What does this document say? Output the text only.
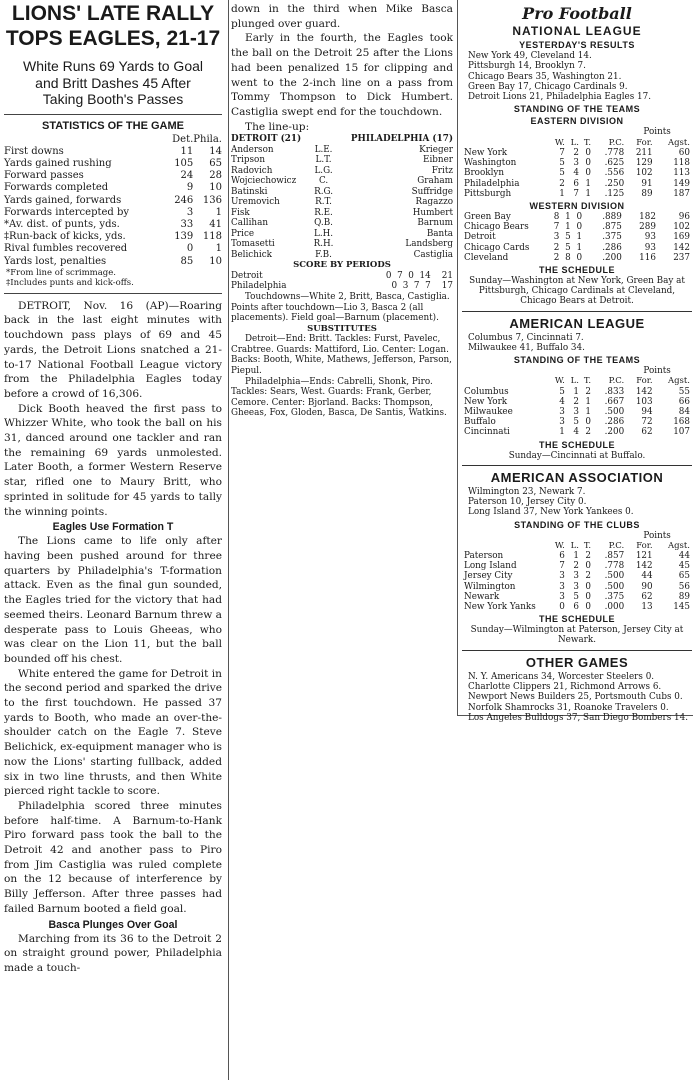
LIONS' LATE RALLY
TOPS EAGLES, 21-17
White Runs 69 Yards to Goal
and Britt Dashes 45 After
Taking Booth's Passes
STATISTICS OF THE GAME
	Det.	Phila.
First downs	11	14
Yards gained rushing	105	65
Forward passes	24	28
Forwards completed	9	10
Yards gained, forwards	246	136
Forwards intercepted by	3	1
*Av. dist. of punts, yds.	33	41
‡Run-back of kicks, yds.	139	118
Rival fumbles recovered	0	1
Yards lost, penalties	85	10
*From line of scrimmage.
‡Includes punts and kick-offs.

DETROIT, Nov. 16 (AP)—Roaring back in the last eight minutes with touchdown pass plays of 69 and 45 yards, the Detroit Lions snatched a 21-to-17 National Football League victory from the Philadelphia Eagles today before a crowd of 16,306.

Dick Booth heaved the first pass to Whizzer White, who took the ball on his 31, danced around one tackler and ran the remaining 69 yards unmolested. Later Booth, a former Western Reserve star, rifled one to Maury Britt, who sprinted in solitude for 45 yards to tally the winning points.

Eagles Use Formation T

The Lions came to life only after having been pushed around for three quarters by Philadelphia's T-formation attack. Even as the final gun sounded, the Eagles tried for the victory that had seemed theirs. Leonard Barnum threw a desperate pass to Louis Gheeas, who was clear on the Lion 11, but the ball bounded off his chest.

White entered the game for Detroit in the second period and sparked the drive to the first touchdown. He passed 37 yards to Booth, who made an over-the-shoulder catch on the Eagle 7. Steve Belichick, ex-equipment manager who is now the Lions' starting fullback, added six in two line thrusts, and then White pierced right tackle to score.

Philadelphia scored three minutes before half-time. A Barnum-to-Hank Piro forward pass took the ball to the Detroit 42 and another pass to Piro from Jim Castiglia was ruled complete on the 12 because of interference by Billy Jefferson. After three passes had failed Barnum booted a field goal.

Basca Plunges Over Goal

Marching from its 36 to the Detroit 2 on straight ground power, Philadelphia made a touch-

down in the third when Mike Basca plunged over guard.

Early in the fourth, the Eagles took the ball on the Detroit 25 after the Lions had been penalized 15 for clipping and went to the 2-inch line on a pass from Tommy Thompson to Dick Humbert. Castiglia swept end for the touchdown.

The line-up:

DETROIT (21)		PHILADELPHIA (17)
Anderson	L.E.	Krieger
Tripson	L.T.	Eibner
Radovich	L.G.	Fritz
Wojciechowicz	C.	Graham
Batinski	R.G.	Suffridge
Uremovich	R.T.	Ragazzo
Fisk	R.E.	Humbert
Callihan	Q.B.	Barnum
Price	L.H.	Banta
Tomasetti	R.H.	Landsberg
Belichick	F.B.	Castiglia
SCORE BY PERIODS
Detroit	0  7  0  14	21
Philadelphia	0  3  7  7	17

Touchdowns—White 2, Britt, Basca, Castiglia. Points after touchdown—Lio 3, Basca 2 (all placements). Field goal—Barnum (placement).

SUBSTITUTES

Detroit—End: Britt. Tackles: Furst, Pavelec, Crabtree. Guards: Mattiford, Lio. Center: Logan. Backs: Booth, White, Mathews, Jefferson, Parson, Piepul.

Philadelphia—Ends: Cabrelli, Shonk, Piro. Tackles: Sears, West. Guards: Frank, Gerber, Cemore. Center: Bjorland. Backs: Thompson, Gheeas, Fox, Gloden, Basca, De Santis, Watkins.

Pro Football
NATIONAL LEAGUE
YESTERDAY'S RESULTS
New York 49, Cleveland 14.
Pittsburgh 14, Brooklyn 7.
Chicago Bears 35, Washington 21.
Green Bay 17, Chicago Cardinals 9.
Detroit Lions 21, Philadelphia Eagles 17.
STANDING OF THE TEAMS
EASTERN DIVISION
					Points	
	W.	L.	T.	P.C.	For.	Agst.
New York	7	2	0	.778	211	60
Washington	5	3	0	.625	129	118
Brooklyn	5	4	0	.556	102	113
Philadelphia	2	6	1	.250	91	149
Pittsburgh	1	7	1	.125	89	187
WESTERN DIVISION
Green Bay	8	1	0	.889	182	96
Chicago Bears	7	1	0	.875	289	102
Detroit	3	5	1	.375	93	169
Chicago Cards	2	5	1	.286	93	142
Cleveland	2	8	0	.200	116	237
THE SCHEDULE
Sunday—Washington at New York, Green Bay at Pittsburgh, Chicago Cardinals at Cleveland, Chicago Bears at Detroit.
AMERICAN LEAGUE
Columbus 7, Cincinnati 7.
Milwaukee 41, Buffalo 34.
STANDING OF THE TEAMS
					Points	
	W.	L.	T.	P.C.	For.	Agst.
Columbus	5	1	2	.833	142	55
New York	4	2	1	.667	103	66
Milwaukee	3	3	1	.500	94	84
Buffalo	3	5	0	.286	72	168
Cincinnati	1	4	2	.200	62	107
THE SCHEDULE
Sunday—Cincinnati at Buffalo.
AMERICAN ASSOCIATION
Wilmington 23, Newark 7.
Paterson 10, Jersey City 0.
Long Island 37, New York Yankees 0.
STANDING OF THE CLUBS
					Points	
	W.	L.	T.	P.C.	For.	Agst.
Paterson	6	1	2	.857	121	44
Long Island	7	2	0	.778	142	45
Jersey City	3	3	2	.500	44	65
Wilmington	3	3	0	.500	90	56
Newark	3	5	0	.375	62	89
New York Yanks	0	6	0	.000	13	145
THE SCHEDULE
Sunday—Wilmington at Paterson, Jersey City at Newark.
OTHER GAMES
N. Y. Americans 34, Worcester Steelers 0.
Charlotte Clippers 21, Richmond Arrows 6.
Newport News Builders 25, Portsmouth Cubs 0.
Norfolk Shamrocks 31, Roanoke Travelers 0.
Los Angeles Bulldogs 37, San Diego Bombers 14.
